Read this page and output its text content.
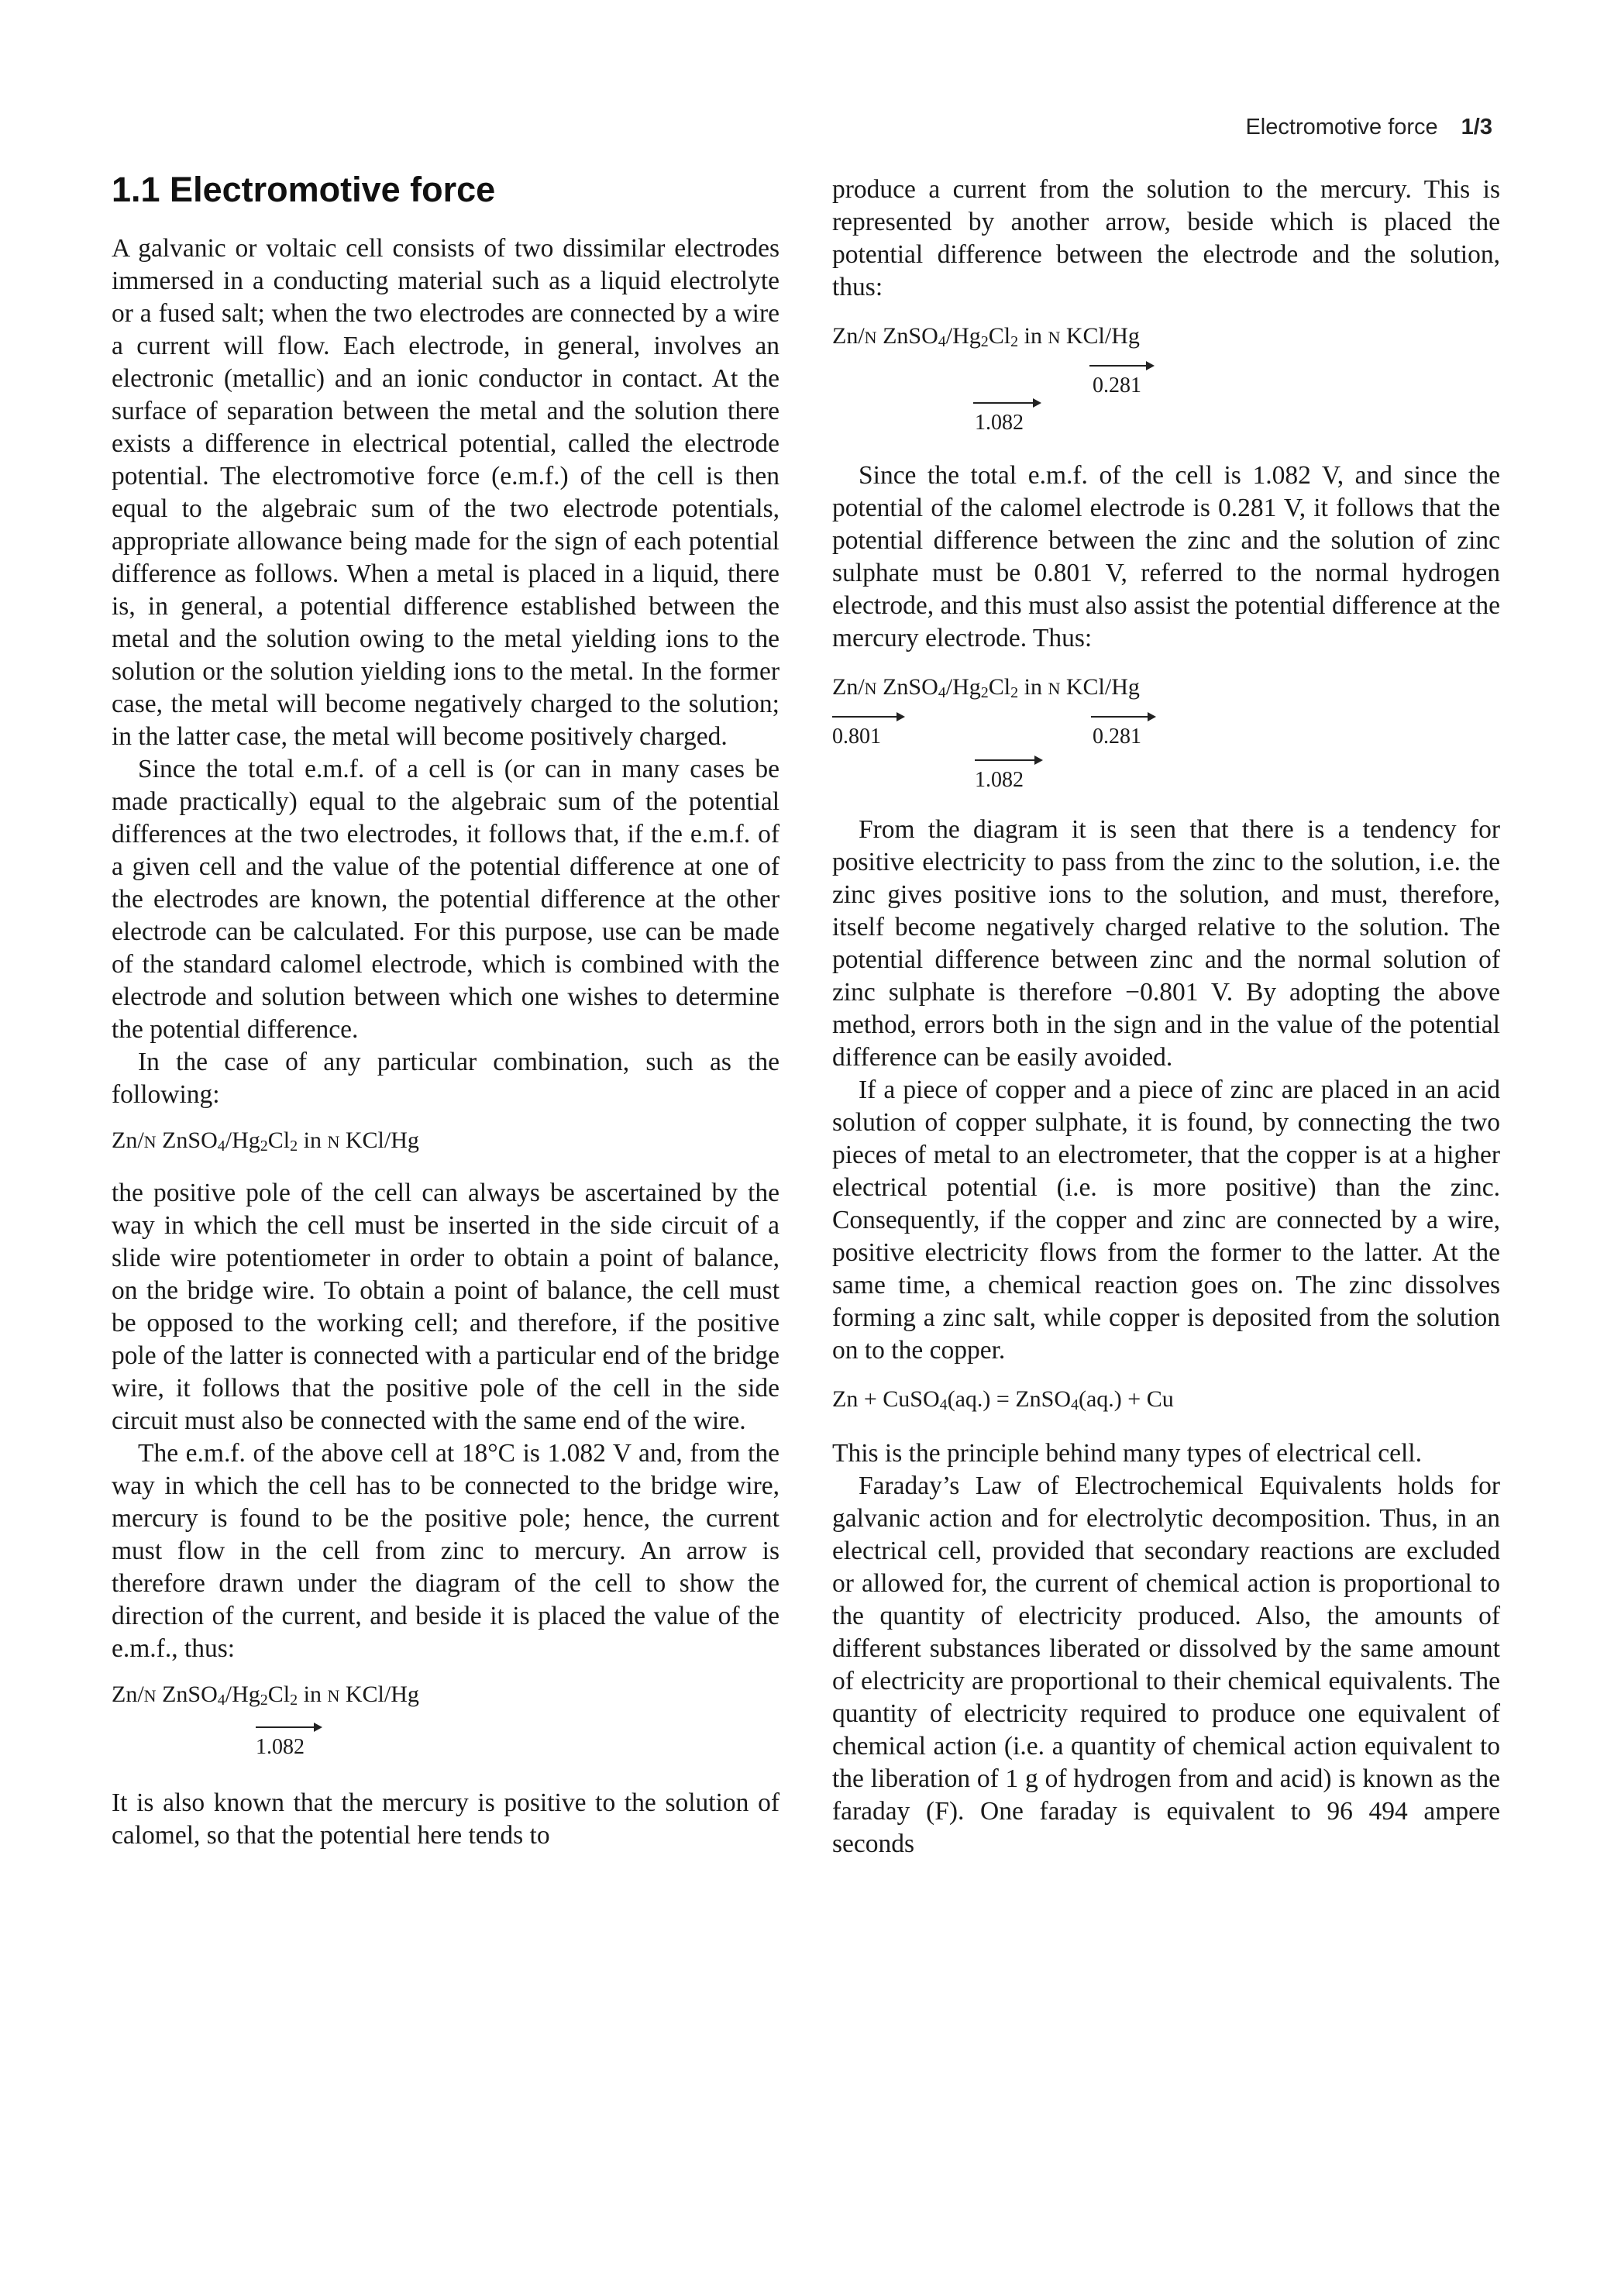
Electromotive force 1/3
1.1 Electromotive force

A galvanic or voltaic cell consists of two dissimilar electrodes immersed in a conducting material such as a liquid electrolyte or a fused salt; when the two electrodes are connected by a wire a current will flow. Each electrode, in general, involves an electronic (metallic) and an ionic conductor in contact. At the surface of separation between the metal and the solution there exists a difference in electrical potential, called the electrode potential. The electromotive force (e.m.f.) of the cell is then equal to the algebraic sum of the two electrode potentials, appropriate allowance being made for the sign of each potential difference as follows. When a metal is placed in a liquid, there is, in general, a potential difference established between the metal and the solution owing to the metal yielding ions to the solution or the solution yielding ions to the metal. In the former case, the metal will become negatively charged to the solution; in the latter case, the metal will become positively charged.

Since the total e.m.f. of a cell is (or can in many cases be made practically) equal to the algebraic sum of the potential differences at the two electrodes, it follows that, if the e.m.f. of a given cell and the value of the potential difference at one of the electrodes are known, the potential difference at the other electrode can be calculated. For this purpose, use can be made of the standard calomel electrode, which is combined with the electrode and solution between which one wishes to determine the potential difference.

In the case of any particular combination, such as the following:

Zn/N $ZnSO_4/Hg_2Cl_2$ in N KCl/Hg

the positive pole of the cell can always be ascertained by the way in which the cell must be inserted in the side circuit of a slide wire potentiometer in order to obtain a point of balance, on the bridge wire. To obtain a point of balance, the cell must be opposed to the working cell; and therefore, if the positive pole of the latter is connected with a particular end of the bridge wire, it follows that the positive pole of the cell in the side circuit must also be connected with the same end of the wire.

The e.m.f. of the above cell at 18°C is 1.082 V and, from the way in which the cell has to be connected to the bridge wire, mercury is found to be the positive pole; hence, the current must flow in the cell from zinc to mercury. An arrow is therefore drawn under the diagram of the cell to show the direction of the current, and beside it is placed the value of the e.m.f., thus:

Zn/N $ZnSO_4/Hg_2Cl_2$ in N KCl/Hg
1.082

It is also known that the mercury is positive to the solution of calomel, so that the potential here tends to

produce a current from the solution to the mercury. This is represented by another arrow, beside which is placed the potential difference between the electrode and the solution, thus:

Zn/N $ZnSO_4/Hg_2Cl_2$ in N KCl/Hg
0.281
1.082

Since the total e.m.f. of the cell is 1.082 V, and since the potential of the calomel electrode is 0.281 V, it follows that the potential difference between the zinc and the solution of zinc sulphate must be 0.801 V, referred to the normal hydrogen electrode, and this must also assist the potential difference at the mercury electrode. Thus:

Zn/N $ZnSO_4/Hg_2Cl_2$ in N KCl/Hg
0.801	0.281
1.082

From the diagram it is seen that there is a tendency for positive electricity to pass from the zinc to the solution, i.e. the zinc gives positive ions to the solution, and must, therefore, itself become negatively charged relative to the solution. The potential difference between zinc and the normal solution of zinc sulphate is therefore −0.801 V. By adopting the above method, errors both in the sign and in the value of the potential difference can be easily avoided.

If a piece of copper and a piece of zinc are placed in an acid solution of copper sulphate, it is found, by connecting the two pieces of metal to an electrometer, that the copper is at a higher electrical potential (i.e. is more positive) than the zinc. Consequently, if the copper and zinc are connected by a wire, positive electricity flows from the former to the latter. At the same time, a chemical reaction goes on. The zinc dissolves forming a zinc salt, while copper is deposited from the solution on to the copper.

Zn + CuSO$_4$(aq.) = ZnSO$_4$(aq.) + Cu

This is the principle behind many types of electrical cell.

Faraday’s Law of Electrochemical Equivalents holds for galvanic action and for electrolytic decomposition. Thus, in an electrical cell, provided that secondary reactions are excluded or allowed for, the current of chemical action is proportional to the quantity of electricity produced. Also, the amounts of different substances liberated or dissolved by the same amount of electricity are proportional to their chemical equivalents. The quantity of electricity required to produce one equivalent of chemical action (i.e. a quantity of chemical action equivalent to the liberation of 1 g of hydrogen from and acid) is known as the faraday (F). One faraday is equivalent to 96 494 ampere seconds
